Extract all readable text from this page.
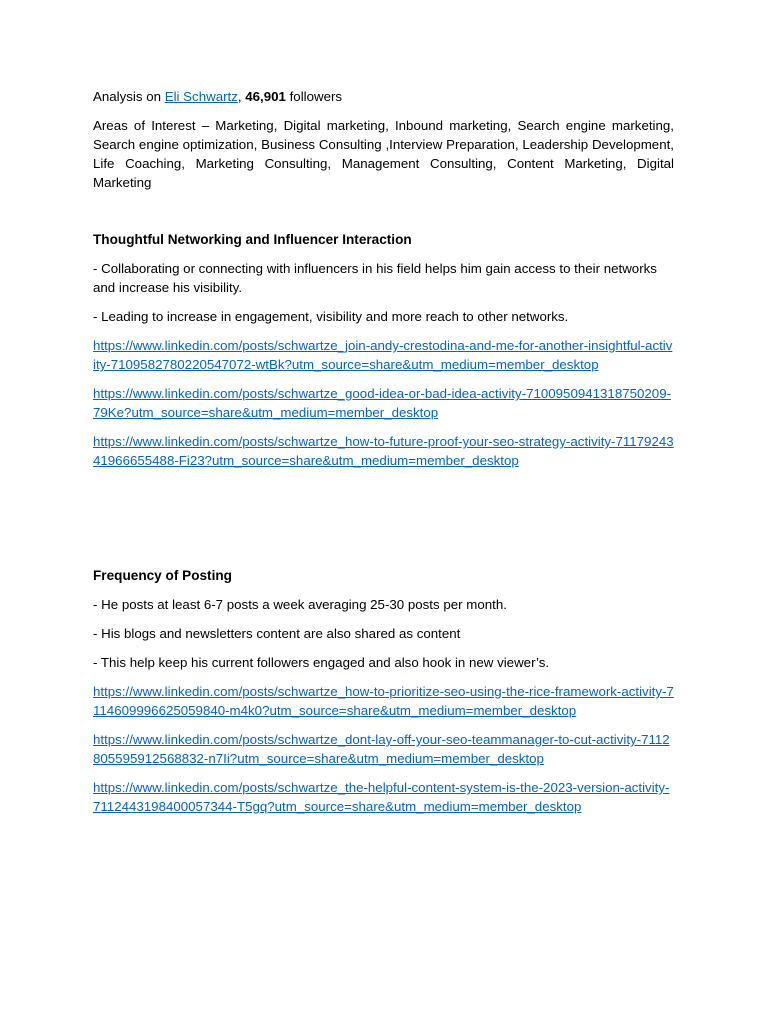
Analysis on Eli Schwartz, 46,901 followers

Areas of Interest – Marketing, Digital marketing, Inbound marketing, Search engine marketing, Search engine optimization, Business Consulting ,Interview Preparation, Leadership Development, Life Coaching, Marketing Consulting, Management Consulting, Content Marketing, Digital Marketing

Thoughtful Networking and Influencer Interaction

- Collaborating or connecting with influencers in his field helps him gain access to their networks and increase his visibility.

- Leading to increase in engagement, visibility and more reach to other networks.

https://www.linkedin.com/posts/schwartze_join-andy-crestodina-and-me-for-another-insightful-activity-7109582780220547072-wtBk?utm_source=share&utm_medium=member_desktop
https://www.linkedin.com/posts/schwartze_good-idea-or-bad-idea-activity-7100950941318750209-79Ke?utm_source=share&utm_medium=member_desktop
https://www.linkedin.com/posts/schwartze_how-to-future-proof-your-seo-strategy-activity-7117924341966655488-Fi23?utm_source=share&utm_medium=member_desktop

Frequency of Posting

- He posts at least 6-7 posts a week averaging 25-30 posts per month.

- His blogs and newsletters content are also shared as content

- This help keep his current followers engaged and also hook in new viewer’s.

https://www.linkedin.com/posts/schwartze_how-to-prioritize-seo-using-the-rice-framework-activity-7114609996625059840-m4k0?utm_source=share&utm_medium=member_desktop
https://www.linkedin.com/posts/schwartze_dont-lay-off-your-seo-teammanager-to-cut-activity-7112805595912568832-n7Ii?utm_source=share&utm_medium=member_desktop
https://www.linkedin.com/posts/schwartze_the-helpful-content-system-is-the-2023-version-activity-7112443198400057344-T5gq?utm_source=share&utm_medium=member_desktop
